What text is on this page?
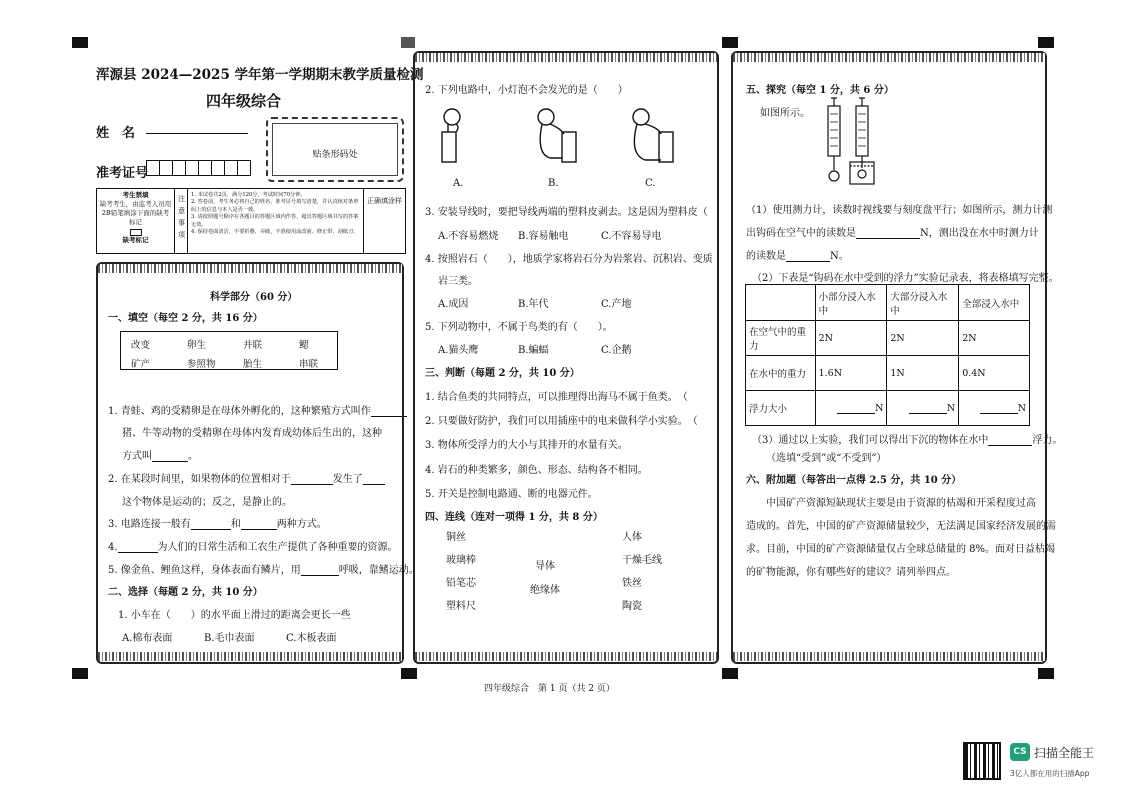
浑源县 2024—2025 学年第一学期期末教学质量检测
四年级综合
姓　名
贴条形码处
准考证号
考生禁填
缺考考生，由监考人员用2B铅笔填涂下面的缺考标记
缺考标记
注意事项
1. 本试卷共2页，满分120分，考试时间70分钟。
2. 答卷前，考生务必将自己的姓名、准考证号填写清楚，并认真核对条形码上的信息与本人是否一致。
3. 请按照题号顺序在各题目的答题区域内作答，超出答题区域书写的答案无效。
4. 保持卷面清洁，不要折叠、弄破，不准使用涂改液、修正带、刮纸刀。
正确填涂样
科学部分（60 分）
一、填空（每空 2 分，共 16 分）
改变	卵生	并联	鳃
矿产	参照物	胎生	串联
1. 青蛙、鸡的受精卵是在母体外孵化的，这种繁殖方式叫作
猪、牛等动物的受精卵在母体内发育成幼体后生出的，这种
方式叫	。
2. 在某段时间里，如果物体的位置相对于	发生了
这个物体是运动的；反之，是静止的。
3. 电路连接一般有	和	两种方式。
4.	为人们的日常生活和工农生产提供了各种重要的资源。
5. 像金鱼、鲤鱼这样，身体表面有鳞片，用	呼吸，靠鳍运动。
二、选择（每题 2 分，共 10 分）
1. 小车在（　　）的水平面上滑过的距离会更长一些
A.棉布表面	B.毛巾表面	C.木板表面
2. 下列电路中，小灯泡不会发光的是（　　）
A.	B.	C.
3. 安装导线时，要把导线两端的塑料皮剥去。这是因为塑料皮（
A.不容易燃烧 B.容易触电	C.不容易导电
4. 按照岩石（　　），地质学家将岩石分为岩浆岩、沉积岩、变质
岩三类。
A.成因	B.年代	C.产地
5. 下列动物中，不属于鸟类的有（　　）。
A.猫头鹰	B.蝙蝠	C.企鹅
三、判断（每题 2 分，共 10 分）
1. 结合鱼类的共同特点，可以推理得出海马不属于鱼类。　（
2. 只要做好防护，我们可以用插座中的电来做科学小实验。　（
3. 物体所受浮力的大小与其排开的水量有关。
4. 岩石的种类繁多，颜色、形态、结构各不相同。
5. 开关是控制电路通、断的电器元件。
四、连线（连对一项得 1 分，共 8 分）
铜丝
玻璃棒
铅笔芯
塑料尺
导体
绝缘体
人体
干燥毛线
铁丝
陶瓷
五、探究（每空 1 分，共 6 分）
如图所示。
（1）使用测力计，读数时视线要与刻度盘平行；如图所示，测力计测
出钩码在空气中的读数是	N，测出没在水中时测力计
的读数是	N。
（2）下表是“钩码在水中受到的浮力”实验记录表，将表格填写完整。
	小部分浸入水中	大部分浸入水中	全部浸入水中
在空气中的重力	2N	2N	2N
在水中的重力	1.6N	1N	0.4N
浮力大小	N	N	N
（3）通过以上实验，我们可以得出下沉的物体在水中	浮力。
（选填“受到”或“不受到”）
六、附加题（每答出一点得 2.5 分，共 10 分）
中国矿产资源短缺现状主要是由于资源的枯竭和开采程度过高
造成的。首先，中国的矿产资源储量较少，无法满足国家经济发展的需
求。目前，中国的矿产资源储量仅占全球总储量的 8%。面对日益枯竭
的矿物能源，你有哪些好的建议？请列举四点。
四年级综合　第 1 页（共 2 页）
CS 扫描全能王
3亿人都在用的扫描App
